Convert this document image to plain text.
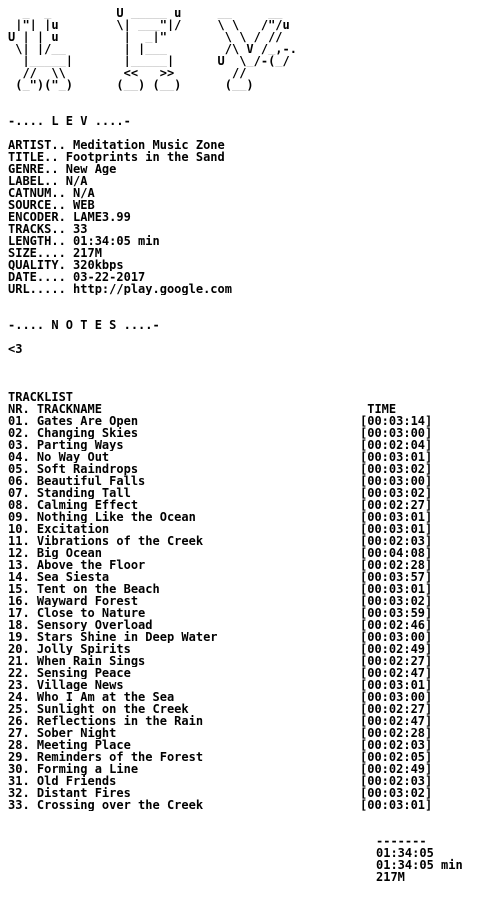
_  _         U _____ u     __     __
|"| |u        \| ___"|/     \ \   /"/u
U | | u         |  _|"        \ \ / //
\| |/__        | |___        /\ V /_,-.
|_____|       |_____|      U  \_/-(_/
//  \\        <<   >>        //
(_")("_)      (__) (__)      (__)
-.... L E V ....-
ARTIST.. Meditation Music Zone
TITLE.. Footprints in the Sand
GENRE.. New Age
LABEL.. N/A
CATNUM.. N/A
SOURCE.. WEB
ENCODER. LAME3.99
TRACKS.. 33
LENGTH.. 01:34:05 min
SIZE.... 217M
QUALITY. 320kbps
DATE.... 03-22-2017
URL..... http://play.google.com
-.... N O T E S ....-
<3
TRACKLIST
NR. TRACKNAME	TIME
01. Gates Are Open	[00:03:14]
02. Changing Skies	[00:03:00]
03. Parting Ways	[00:02:04]
04. No Way Out	[00:03:01]
05. Soft Raindrops	[00:03:02]
06. Beautiful Falls	[00:03:00]
07. Standing Tall	[00:03:02]
08. Calming Effect	[00:02:27]
09. Nothing Like the Ocean	[00:03:01]
10. Excitation	[00:03:01]
11. Vibrations of the Creek	[00:02:03]
12. Big Ocean	[00:04:08]
13. Above the Floor	[00:02:28]
14. Sea Siesta	[00:03:57]
15. Tent on the Beach	[00:03:01]
16. Wayward Forest	[00:03:02]
17. Close to Nature	[00:03:59]
18. Sensory Overload	[00:02:46]
19. Stars Shine in Deep Water	[00:03:00]
20. Jolly Spirits	[00:02:49]
21. When Rain Sings	[00:02:27]
22. Sensing Peace	[00:02:47]
23. Village News	[00:03:01]
24. Who I Am at the Sea	[00:03:00]
25. Sunlight on the Creek	[00:02:27]
26. Reflections in the Rain	[00:02:47]
27. Sober Night	[00:02:28]
28. Meeting Place	[00:02:03]
29. Reminders of the Forest	[00:02:05]
30. Forming a Line	[00:02:49]
31. Old Friends	[00:02:03]
32. Distant Fires	[00:03:02]
33. Crossing over the Creek	[00:03:01]
-------
01:34:05
01:34:05 min
217M
